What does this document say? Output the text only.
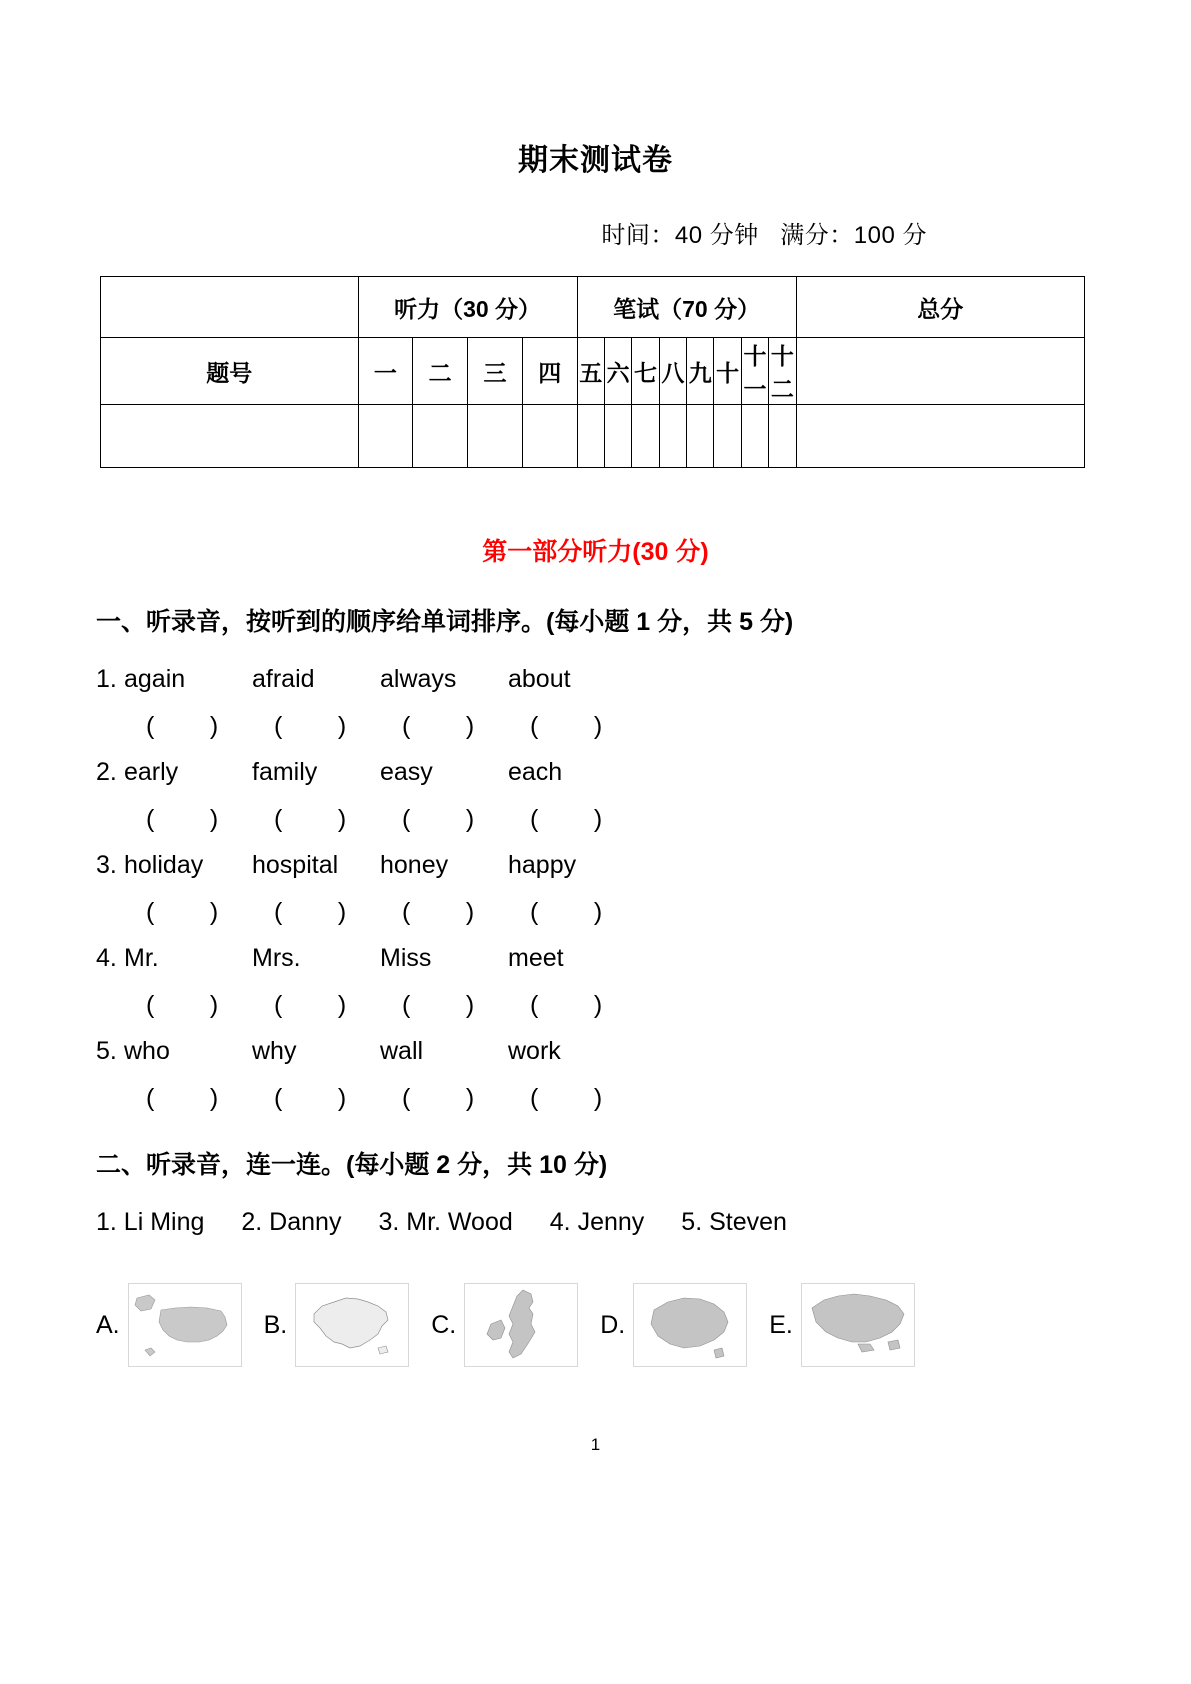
期末测试卷
时间：40 分钟   满分：100 分
	听力（30 分）				笔试（70 分）								总分
题号	一	二	三	四	五	六	七	八	九	十	十一	十二	

第一部分听力(30 分)
一、听录音，按听到的顺序给单词排序。(每小题 1 分，共 5 分)
1. again	afraid	always	about
(        )	(        )	(        )	(        )
2. early	family	easy	each
(        )	(        )	(        )	(        )
3. holiday	hospital	honey	happy
(        )	(        )	(        )	(        )
4. Mr.	Mrs.	Miss	meet
(        )	(        )	(        )	(        )
5. who	why	wall	work
(        )	(        )	(        )	(        )
二、听录音，连一连。(每小题 2 分，共 10 分)
1. Li Ming 2. Danny 3. Mr. Wood 4. Jenny 5. Steven
A.	B.	C.	D.	E.
1
